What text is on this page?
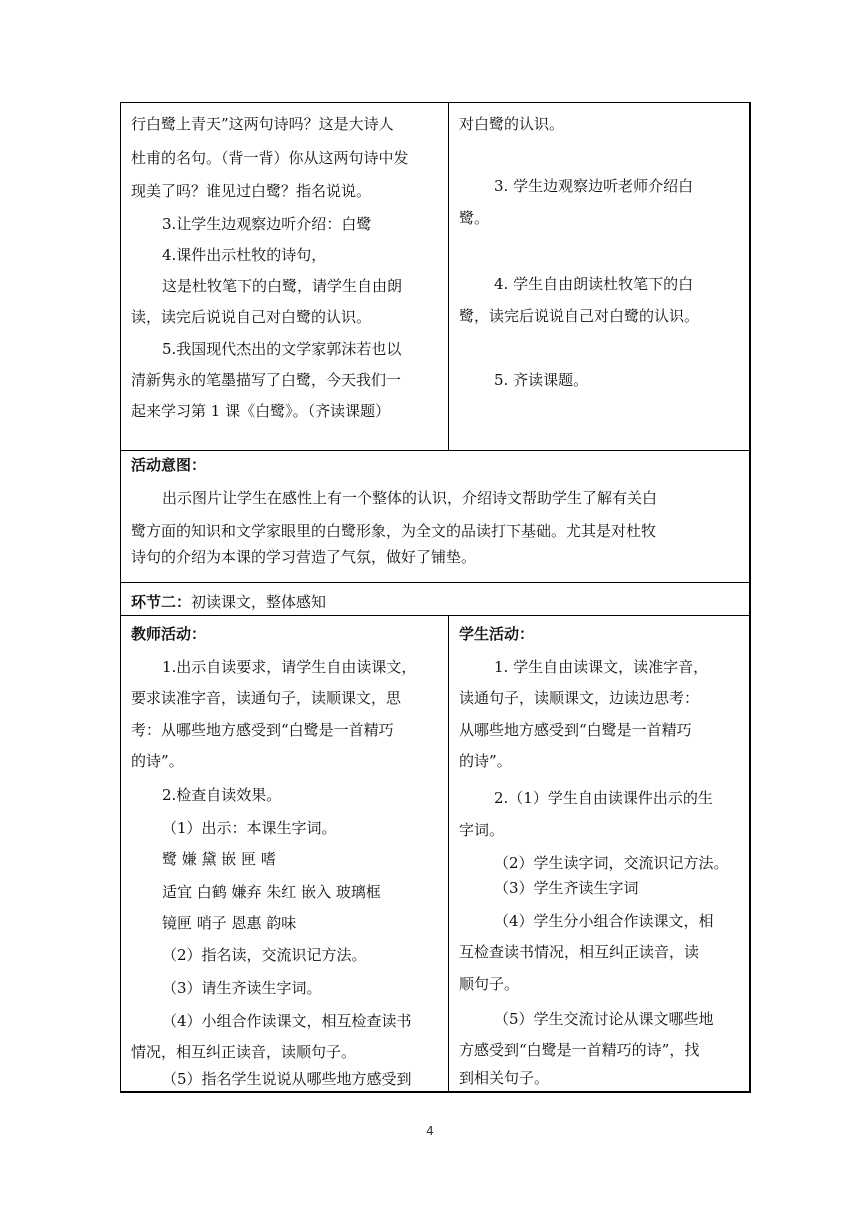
行白鹭上青天”这两句诗吗？这是大诗人
杜甫的名句。（背一背）你从这两句诗中发
现美了吗？谁见过白鹭？指名说说。
3.让学生边观察边听介绍：白鹭
4.课件出示杜牧的诗句，
这是杜牧笔下的白鹭，请学生自由朗
读，读完后说说自己对白鹭的认识。
5.我国现代杰出的文学家郭沫若也以
清新隽永的笔墨描写了白鹭，今天我们一
起来学习第 1 课《白鹭》。（齐读课题）
对白鹭的认识。
3. 学生边观察边听老师介绍白
鹭。
4. 学生自由朗读杜牧笔下的白
鹭，读完后说说自己对白鹭的认识。
5. 齐读课题。
活动意图：
出示图片让学生在感性上有一个整体的认识，介绍诗文帮助学生了解有关白
鹭方面的知识和文学家眼里的白鹭形象，为全文的品读打下基础。尤其是对杜牧
诗句的介绍为本课的学习营造了气氛，做好了铺垫。
环节二：初读课文，整体感知
教师活动：
1.出示自读要求，请学生自由读课文，
要求读准字音，读通句子，读顺课文，思
考：从哪些地方感受到“白鹭是一首精巧
的诗”。
2.检查自读效果。
（1）出示：本课生字词。
鹭 嫌 黛 嵌 匣 嗜
适宜 白鹤 嫌弃 朱红 嵌入 玻璃框
镜匣 哨子 恩惠 韵味
（2）指名读，交流识记方法。
（3）请生齐读生字词。
（4）小组合作读课文，相互检查读书
情况，相互纠正读音，读顺句子。
（5）指名学生说说从哪些地方感受到
学生活动：
1. 学生自由读课文，读准字音，
读通句子，读顺课文，边读边思考：
从哪些地方感受到“白鹭是一首精巧
的诗”。
2.（1）学生自由读课件出示的生
字词。
（2）学生读字词，交流识记方法。
（3）学生齐读生字词
（4）学生分小组合作读课文，相
互检查读书情况，相互纠正读音，读
顺句子。
（5）学生交流讨论从课文哪些地
方感受到“白鹭是一首精巧的诗”，找
到相关句子。
4
